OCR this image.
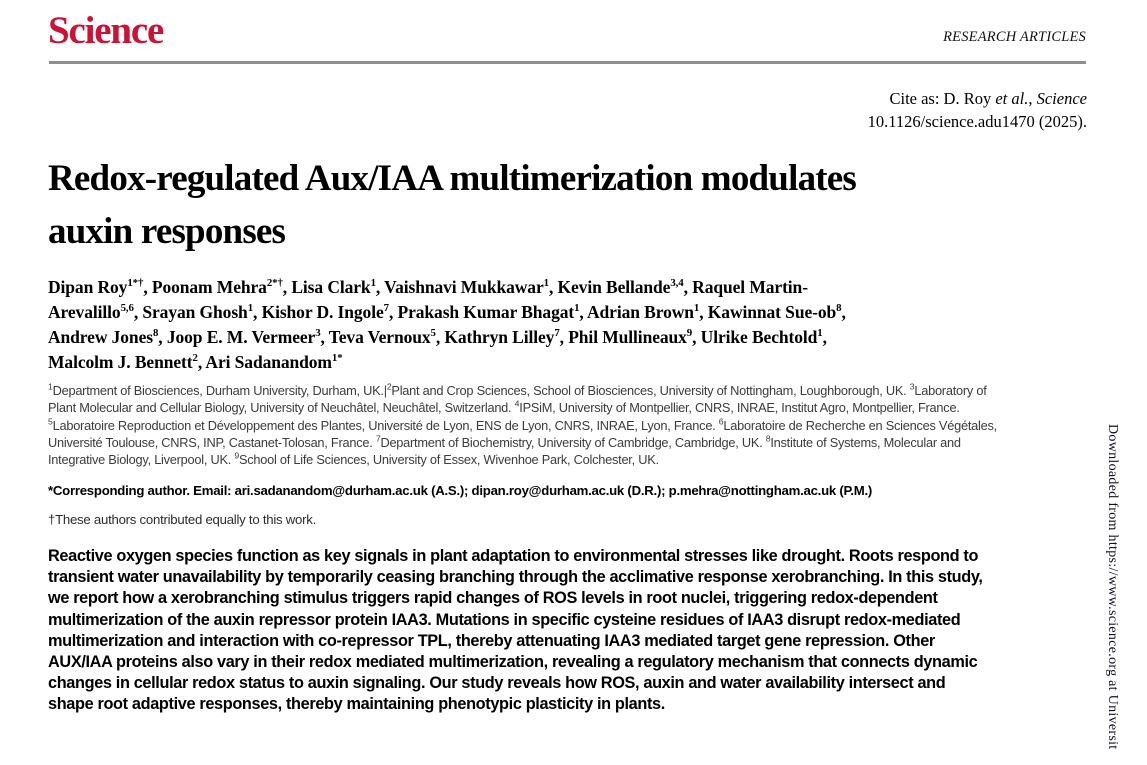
Science	RESEARCH ARTICLES
Cite as: D. Roy et al., Science
10.1126/science.adu1470 (2025).
Redox-regulated Aux/IAA multimerization modulates
auxin responses
Dipan Roy$^{1*\dagger}$, Poonam Mehra$^{2*\dagger}$, Lisa Clark$^1$, Vaishnavi Mukkawar$^1$, Kevin Bellande$^{3,4}$, Raquel Martin-
Arevalillo$^{5,6}$, Srayan Ghosh$^1$, Kishor D. Ingole$^7$, Prakash Kumar Bhagat$^1$, Adrian Brown$^1$, Kawinnat Sue-$ob^8$,
Andrew Jones$^8$, Joop E. M. Vermeer$^3$, Teva Vernoux$^5$, Kathryn Lilley$^7$, Phil Mullineaux$^9$, Ulrike Bechtold$^1$,
Malcolm J. Bennett$^2$, Ari Sadanandom$^{1*}$
$^1$Department of Biosciences, Durham University, Durham, $UK.|^2Plant$ and Crop Sciences, School of Biosciences, University of Nottingham, Loughborough, UK. $^3$Laboratory of
Plant Molecular and Cellular Biology, University of Neuchâtel, Neuchâtel, Switzerland. $^4$IPSiM, University of Montpellier, CNRS, INRAE, Institut Agro, Montpellier, France.
$^5$Laboratoire Reproduction et Développement des Plantes, Université de Lyon, ENS de Lyon, CNRS, INRAE, Lyon, France. $^6$Laboratoire de Recherche en Sciences Végétales,
Université Toulouse, CNRS, INP, Castanet-Tolosan, France. $^7$Department of Biochemistry, University of Cambridge, Cambridge, UK. $^8$Institute of Systems, Molecular and
Integrative Biology, Liverpool, UK. $^9$School of Life Sciences, University of Essex, Wivenhoe Park, Colchester, UK.
*Corresponding author. Email: ari.sadanandom@durham.ac.uk (A.S.); dipan.roy@durham.ac.uk (D.R.); p.mehra@nottingham.ac.uk (P.M.)
†These authors contributed equally to this work.
Reactive oxygen species function as key signals in plant adaptation to environmental stresses like drought. Roots respond to
transient water unavailability by temporarily ceasing branching through the acclimative response xerobranching. In this study,
we report how a xerobranching stimulus triggers rapid changes of ROS levels in root nuclei, triggering redox-dependent
multimerization of the auxin repressor protein IAA3. Mutations in specific cysteine residues of IAA3 disrupt redox-mediated
multimerization and interaction with co-repressor TPL, thereby attenuating IAA3 mediated target gene repression. Other
AUX/IAA proteins also vary in their redox mediated multimerization, revealing a regulatory mechanism that connects dynamic
changes in cellular redox status to auxin signaling. Our study reveals how ROS, auxin and water availability intersect and
shape root adaptive responses, thereby maintaining phenotypic plasticity in plants.	Downloaded from https://www.science.org at Universit
